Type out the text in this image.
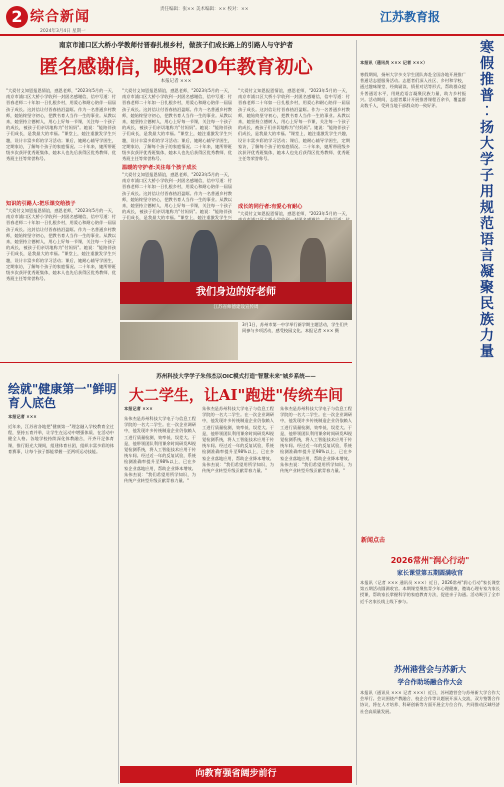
2 综合新闻
2024年3月4日 星期一
责任编辑：张×× 美术编辑：×× 校对：××
江苏教育报
南京市浦口区大桥小学教师付晋春扎根乡村，做孩子们成长路上的引路人与守护者
匿名感谢信，映照20年教育初心
本报记者 ×××
"大爱付义知恩报恩情谊，感恩老师，"2023年5月的一天，南京市浦口区大桥小学收到一封匿名感谢信，信中写道：付晋春老师二十年如一日扎根乡村，用爱心和耐心陪伴一届届孩子成长。这封信让付晋春热泪盈眶。作为一名普通乡村教师，她始终坚守初心，把教书育人当作一生的事业。从教以来，她坚持立德树人，用心上好每一节课，关注每一个孩子的成长，被孩子们亲切地称为"付妈妈"。她说："能陪伴孩子们成长，是我最大的幸福。"课堂上，她注重激发学生兴趣，设计丰富多彩的学习活动；课后，她耐心辅导学困生，定期家访，了解每个孩子的家庭情况。二十年来，她所带班级多次获评优秀班集体，她本人也先后获得区优秀教师、优秀班主任等荣誉称号。
知识的引路人:把乐课交给孩子
"大爱付义知恩报恩情谊，感恩老师，"2023年5月的一天，南京市浦口区大桥小学收到一封匿名感谢信，信中写道：付晋春老师二十年如一日扎根乡村，用爱心和耐心陪伴一届届孩子成长。这封信让付晋春热泪盈眶。作为一名普通乡村教师，她始终坚守初心，把教书育人当作一生的事业。从教以来，她坚持立德树人，用心上好每一节课，关注每一个孩子的成长，被孩子们亲切地称为"付妈妈"。她说："能陪伴孩子们成长，是我最大的幸福。"课堂上，她注重激发学生兴趣，设计丰富多彩的学习活动；课后，她耐心辅导学困生，定期家访，了解每个孩子的家庭情况。二十年来，她所带班级多次获评优秀班集体，她本人也先后获得区优秀教师、优秀班主任等荣誉称号。
"大爱付义知恩报恩情谊，感恩老师，"2023年5月的一天，南京市浦口区大桥小学收到一封匿名感谢信，信中写道：付晋春老师二十年如一日扎根乡村，用爱心和耐心陪伴一届届孩子成长。这封信让付晋春热泪盈眶。作为一名普通乡村教师，她始终坚守初心，把教书育人当作一生的事业。从教以来，她坚持立德树人，用心上好每一节课，关注每一个孩子的成长，被孩子们亲切地称为"付妈妈"。她说："能陪伴孩子们成长，是我最大的幸福。"课堂上，她注重激发学生兴趣，设计丰富多彩的学习活动；课后，她耐心辅导学困生，定期家访，了解每个孩子的家庭情况。二十年来，她所带班级多次获评优秀班集体，她本人也先后获得区优秀教师、优秀班主任等荣誉称号。
温暖的守护者:关注每个孩子成长
"大爱付义知恩报恩情谊，感恩老师，"2023年5月的一天，南京市浦口区大桥小学收到一封匿名感谢信，信中写道：付晋春老师二十年如一日扎根乡村，用爱心和耐心陪伴一届届孩子成长。这封信让付晋春热泪盈眶。作为一名普通乡村教师，她始终坚守初心，把教书育人当作一生的事业。从教以来，她坚持立德树人，用心上好每一节课，关注每一个孩子的成长，被孩子们亲切地称为"付妈妈"。她说："能陪伴孩子们成长，是我最大的幸福。"课堂上，她注重激发学生兴
"大爱付义知恩报恩情谊，感恩老师，"2023年5月的一天，南京市浦口区大桥小学收到一封匿名感谢信，信中写道：付晋春老师二十年如一日扎根乡村，用爱心和耐心陪伴一届届孩子成长。这封信让付晋春热泪盈眶。作为一名普通乡村教师，她始终坚守初心，把教书育人当作一生的事业。从教以来，她坚持立德树人，用心上好每一节课，关注每一个孩子的成长，被孩子们亲切地称为"付妈妈"。她说："能陪伴孩子们成长，是我最大的幸福。"课堂上，她注重激发学生兴趣，设计丰富多彩的学习活动；课后，她耐心辅导学困生，定期家访，了解每个孩子的家庭情况。二十年来，她所带班级多次获评优秀班集体，她本人也先后获得区优秀教师、优秀班主任等荣誉称号。
成长的同行者:有爱心有耐心
"大爱付义知恩报恩情谊，感恩老师，"2023年5月的一天，
我们身边的好老师
江苏省师德建设宣传周
3月1日，苏州市第一中学举行新学期主题活动，学生们共同参与多项活动，感受校园文化。本报记者 ××× 摄
寒
假
推
普
︰
扬
大
学
子
用
规
范
语
言
凝
聚
民
族
力
量
本报讯（通讯员 ××× 记者 ×××）
寒假期间，扬州大学多支学生团队奔赴全国各地开展推广普通话志愿服务活动。志愿者们深入社区、乡村和学校，通过趣味课堂、经典诵读、情景对话等形式，帮助群众提升普通话水平，用规范语言凝聚民族力量，助力乡村振兴。活动期间，志愿者累计开展推普课程百余节，覆盖群众数千人，受到当地干部群众的一致好评。
新闻点击
2026常州"润心行动"
家长课堂第五期圆满收官
本报讯（记者 ××× 通讯员 ×××）近日，2026常州"润心行动"家长课堂第五期活动圆满收官。本期课堂聚焦青少年心理健康，邀请心理专家为家长授课，帮助家长掌握科学的家庭教育方法，促进亲子沟通。活动吸引了全市近千名家长线上线下参与。
苏州港营会与苏新大
学合作助场融合作大会
本报讯（通讯员 ××× 记者 ×××）近日，苏州港营会与苏州新大学合作大会举行。会议围绕产教融合、校企合作等议题展开深入交流，双方签署合作协议，将在人才培养、科研创新等方面开展全方位合作，共同推动区域经济社会高质量发展。
绘就"健康第一"鲜明育人底色
本报记者 ×××
近年来，江苏省各地把"健康第一"理念融入学校教育全过程，坚持五育并举，让学生在运动中增强体质、在活动中健全人格。各地学校持续深化体教融合，开齐开足体育课，推行阳光大课间，组建体育社团，组织丰富多彩的体育赛事，让每个孩子都能掌握一至两项运动技能。
苏州科技大学学子朱伟杰以OIC模式打造"智慧未来"城乡系统——
大二学生，让AI"跑进"传统车间
本报记者 ×××
朱伟杰是苏州科技大学电子与信息工程学院的一名大二学生。在一次企业调研中，他发现许多传统制造企业仍依赖人工进行质量检测，效率低、误差大。于是，他带领团队利用课余时间研发AI视觉检测系统，将人工智能技术应用于传统车间。经过近一年的反复试验，系统检测准确率提升至98%以上，已在多家企业落地应用，帮助企业降本增效。朱伟杰说："我们希望用所学知识，为传统产业转型升级贡献青春力量。"
朱伟杰是苏州科技大学电子与信息工程学院的一名大二学生。在一次企业调研中，他发现许多传统制造企业仍依赖人工进行质量检测，效率低、误差大。于是，他带领团队利用课余时间研发AI视觉检测系统，将人工智能技术应用于传统车间。经过近一年的反复试验，系统检测准确率提升至98%以上，已在多家企业落地应用，帮助企业降本增效。朱伟杰说："我们希望用所学知识，为传统产业转型升级贡献青春力量。"
朱伟杰是苏州科技大学电子与信息工程学院的一名大二学生。在一次企业调研中，他发现许多传统制造企业仍依赖人工进行质量检测，效率低、误差大。于是，他带领团队利用课余时间研发AI视觉检测系统，将人工智能技术应用于传统车间。经过近一年的反复试验，系统检测准确率提升至98%以上，已在多家企业落地应用，帮助企业降本增效。朱伟杰说："我们希望用所学知识，为传统产业转型升级贡献青春力量。"
向教育强省阔步前行
